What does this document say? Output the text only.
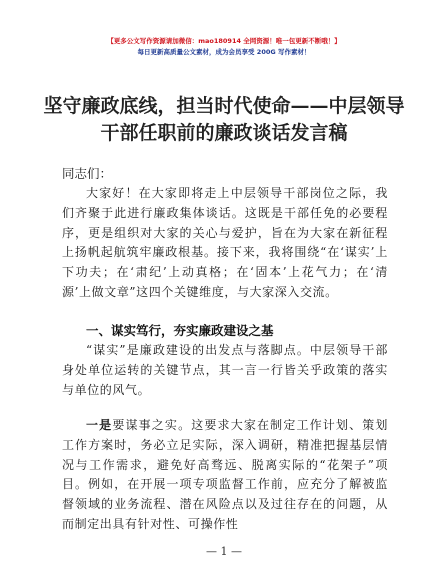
【更多公文写作资源请加微信：mao180914 全网资源！唯一包更新不断哦！】
每日更新高质量公文素材，成为会员享受 200G 写作素材！
坚守廉政底线，担当时代使命——中层领导干部任职前的廉政谈话发言稿
同志们：
大家好！在大家即将走上中层领导干部岗位之际，我们齐聚于此进行廉政集体谈话。这既是干部任免的必要程序，更是组织对大家的关心与爱护，旨在为大家在新征程上扬帆起航筑牢廉政根基。接下来，我将围绕“在‘谋实’上下功夫；在‘肃纪’上动真格；在‘固本’上花气力；在‘清源’上做文章”这四个关键维度，与大家深入交流。
一、谋实笃行，夯实廉政建设之基
“谋实”是廉政建设的出发点与落脚点。中层领导干部身处单位运转的关键节点，其一言一行皆关乎政策的落实与单位的风气。
一是要谋事之实。这要求大家在制定工作计划、策划工作方案时，务必立足实际，深入调研，精准把握基层情况与工作需求，避免好高骛远、脱离实际的“花架子”项目。例如，在开展一项专项监督工作前，应充分了解被监督领域的业务流程、潜在风险点以及过往存在的问题，从而制定出具有针对性、可操作性
— 1 —
